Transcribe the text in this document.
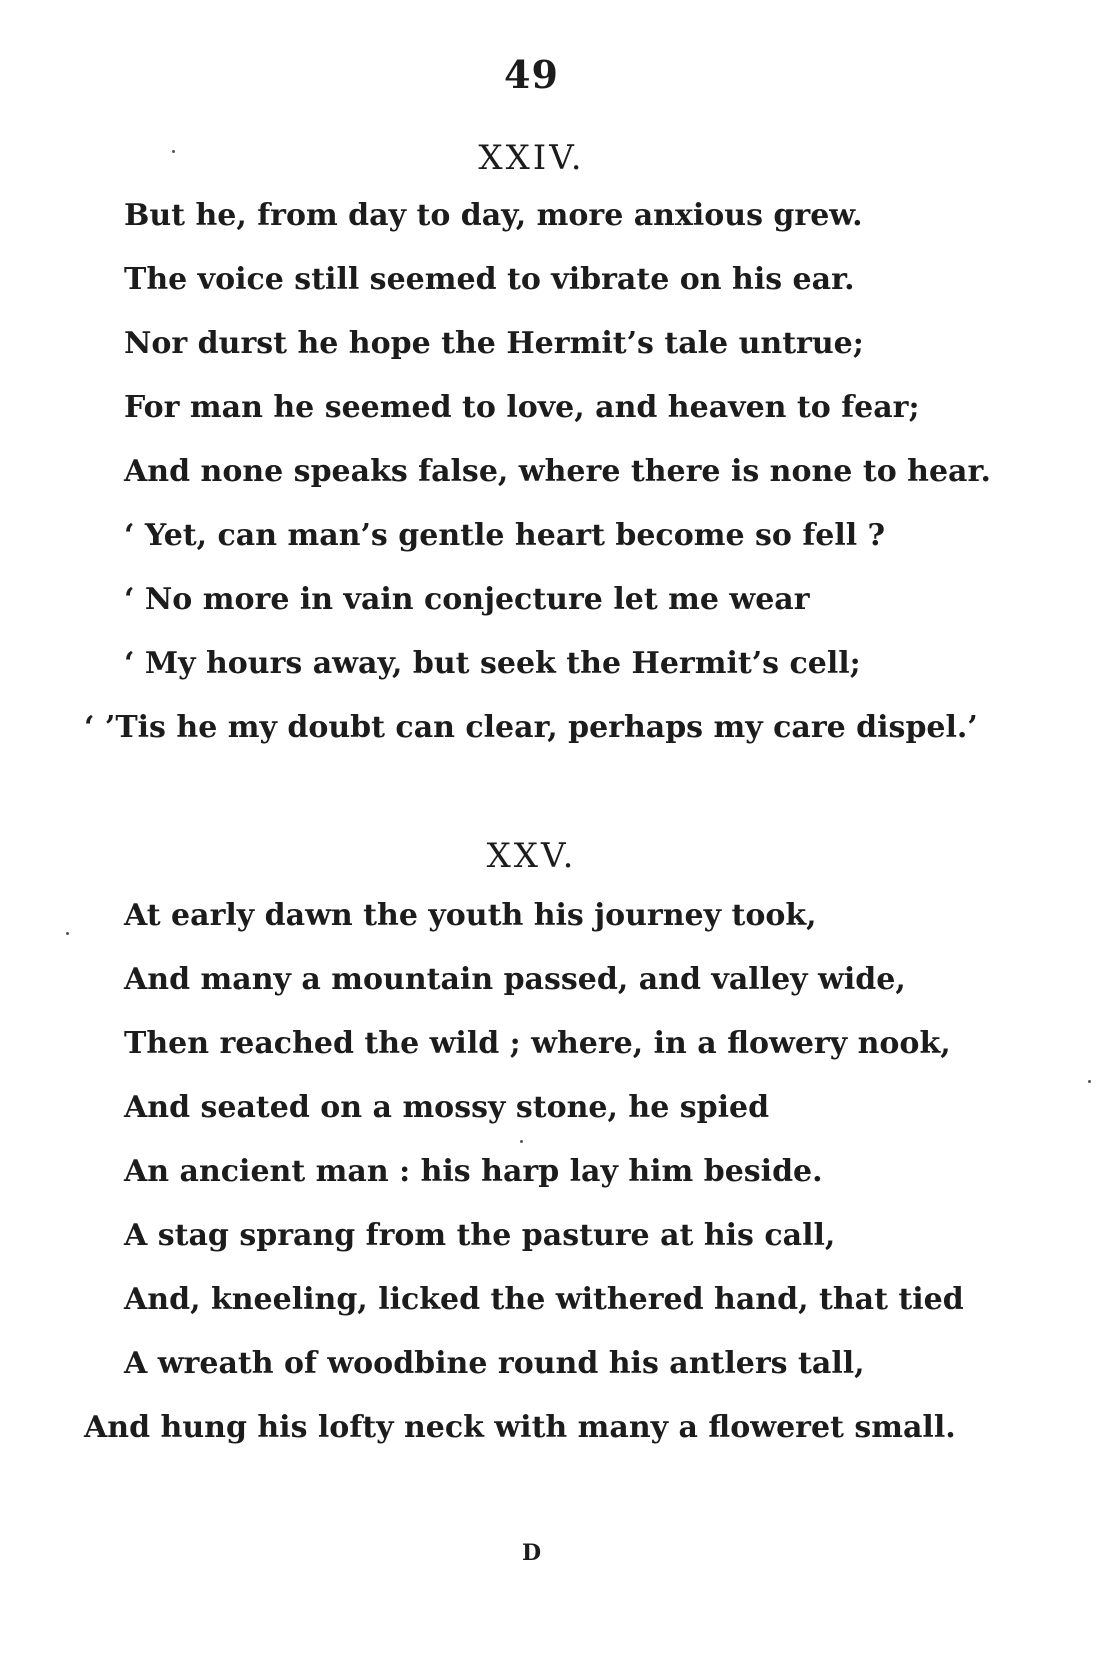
49
XXIV.
But he, from day to day, more anxious grew.
The voice still seemed to vibrate on his ear.
Nor durst he hope the Hermit’s tale untrue;
For man he seemed to love, and heaven to fear;
And none speaks false, where there is none to hear.
‘ Yet, can man’s gentle heart become so fell ?
‘ No more in vain conjecture let me wear
‘ My hours away, but seek the Hermit’s cell;
‘ ’Tis he my doubt can clear, perhaps my care dispel.’
XXV.
At early dawn the youth his journey took,
And many a mountain passed, and valley wide,
Then reached the wild ; where, in a flowery nook,
And seated on a mossy stone, he spied
An ancient man : his harp lay him beside.
A stag sprang from the pasture at his call,
And, kneeling, licked the withered hand, that tied
A wreath of woodbine round his antlers tall,
And hung his lofty neck with many a floweret small.
D
